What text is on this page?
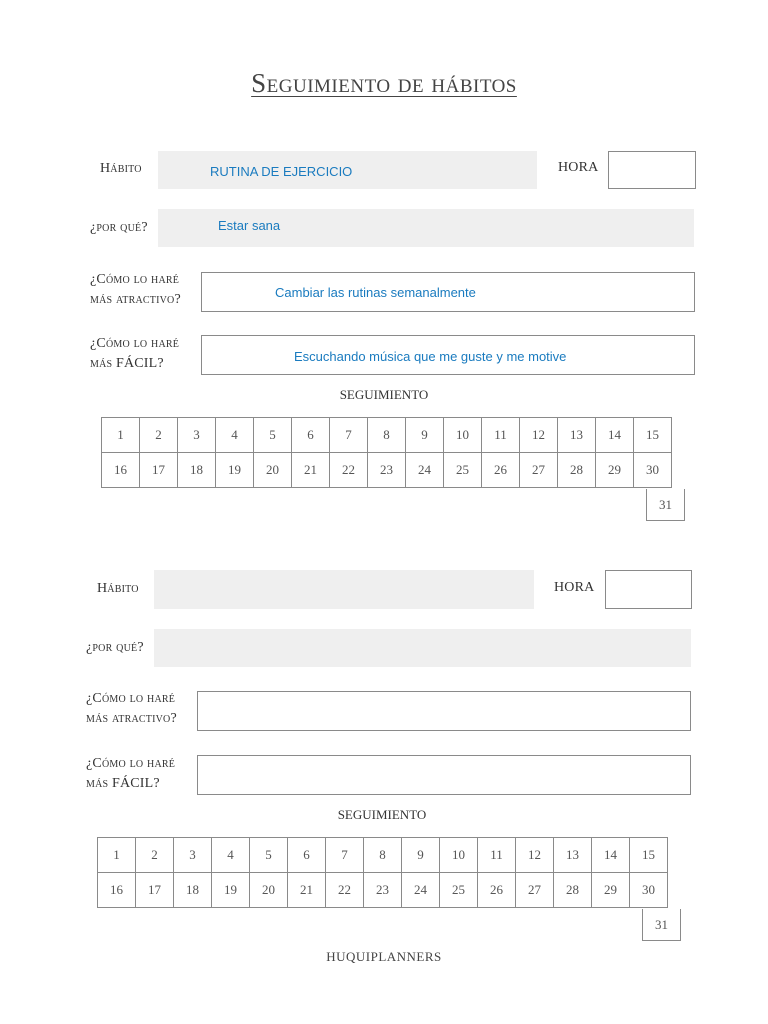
Seguimiento de hábitos
Hábito	RUTINA DE EJERCICIO	HORA
¿por qué?	Estar sana
¿Cómo lo haré
más atractivo?	Cambiar las rutinas semanalmente
¿Cómo lo haré
más FÁCIL?	Escuchando música que me guste y me motive
SEGUIMIENTO
1	2	3	4	5	6	7	8	9	10	11	12	13	14	15
16	17	18	19	20	21	22	23	24	25	26	27	28	29	30
31
Hábito	HORA
¿por qué?
¿Cómo lo haré
más atractivo?
¿Cómo lo haré
más FÁCIL?
SEGUIMIENTO
1	2	3	4	5	6	7	8	9	10	11	12	13	14	15
16	17	18	19	20	21	22	23	24	25	26	27	28	29	30
31
HUQUIPLANNERS
